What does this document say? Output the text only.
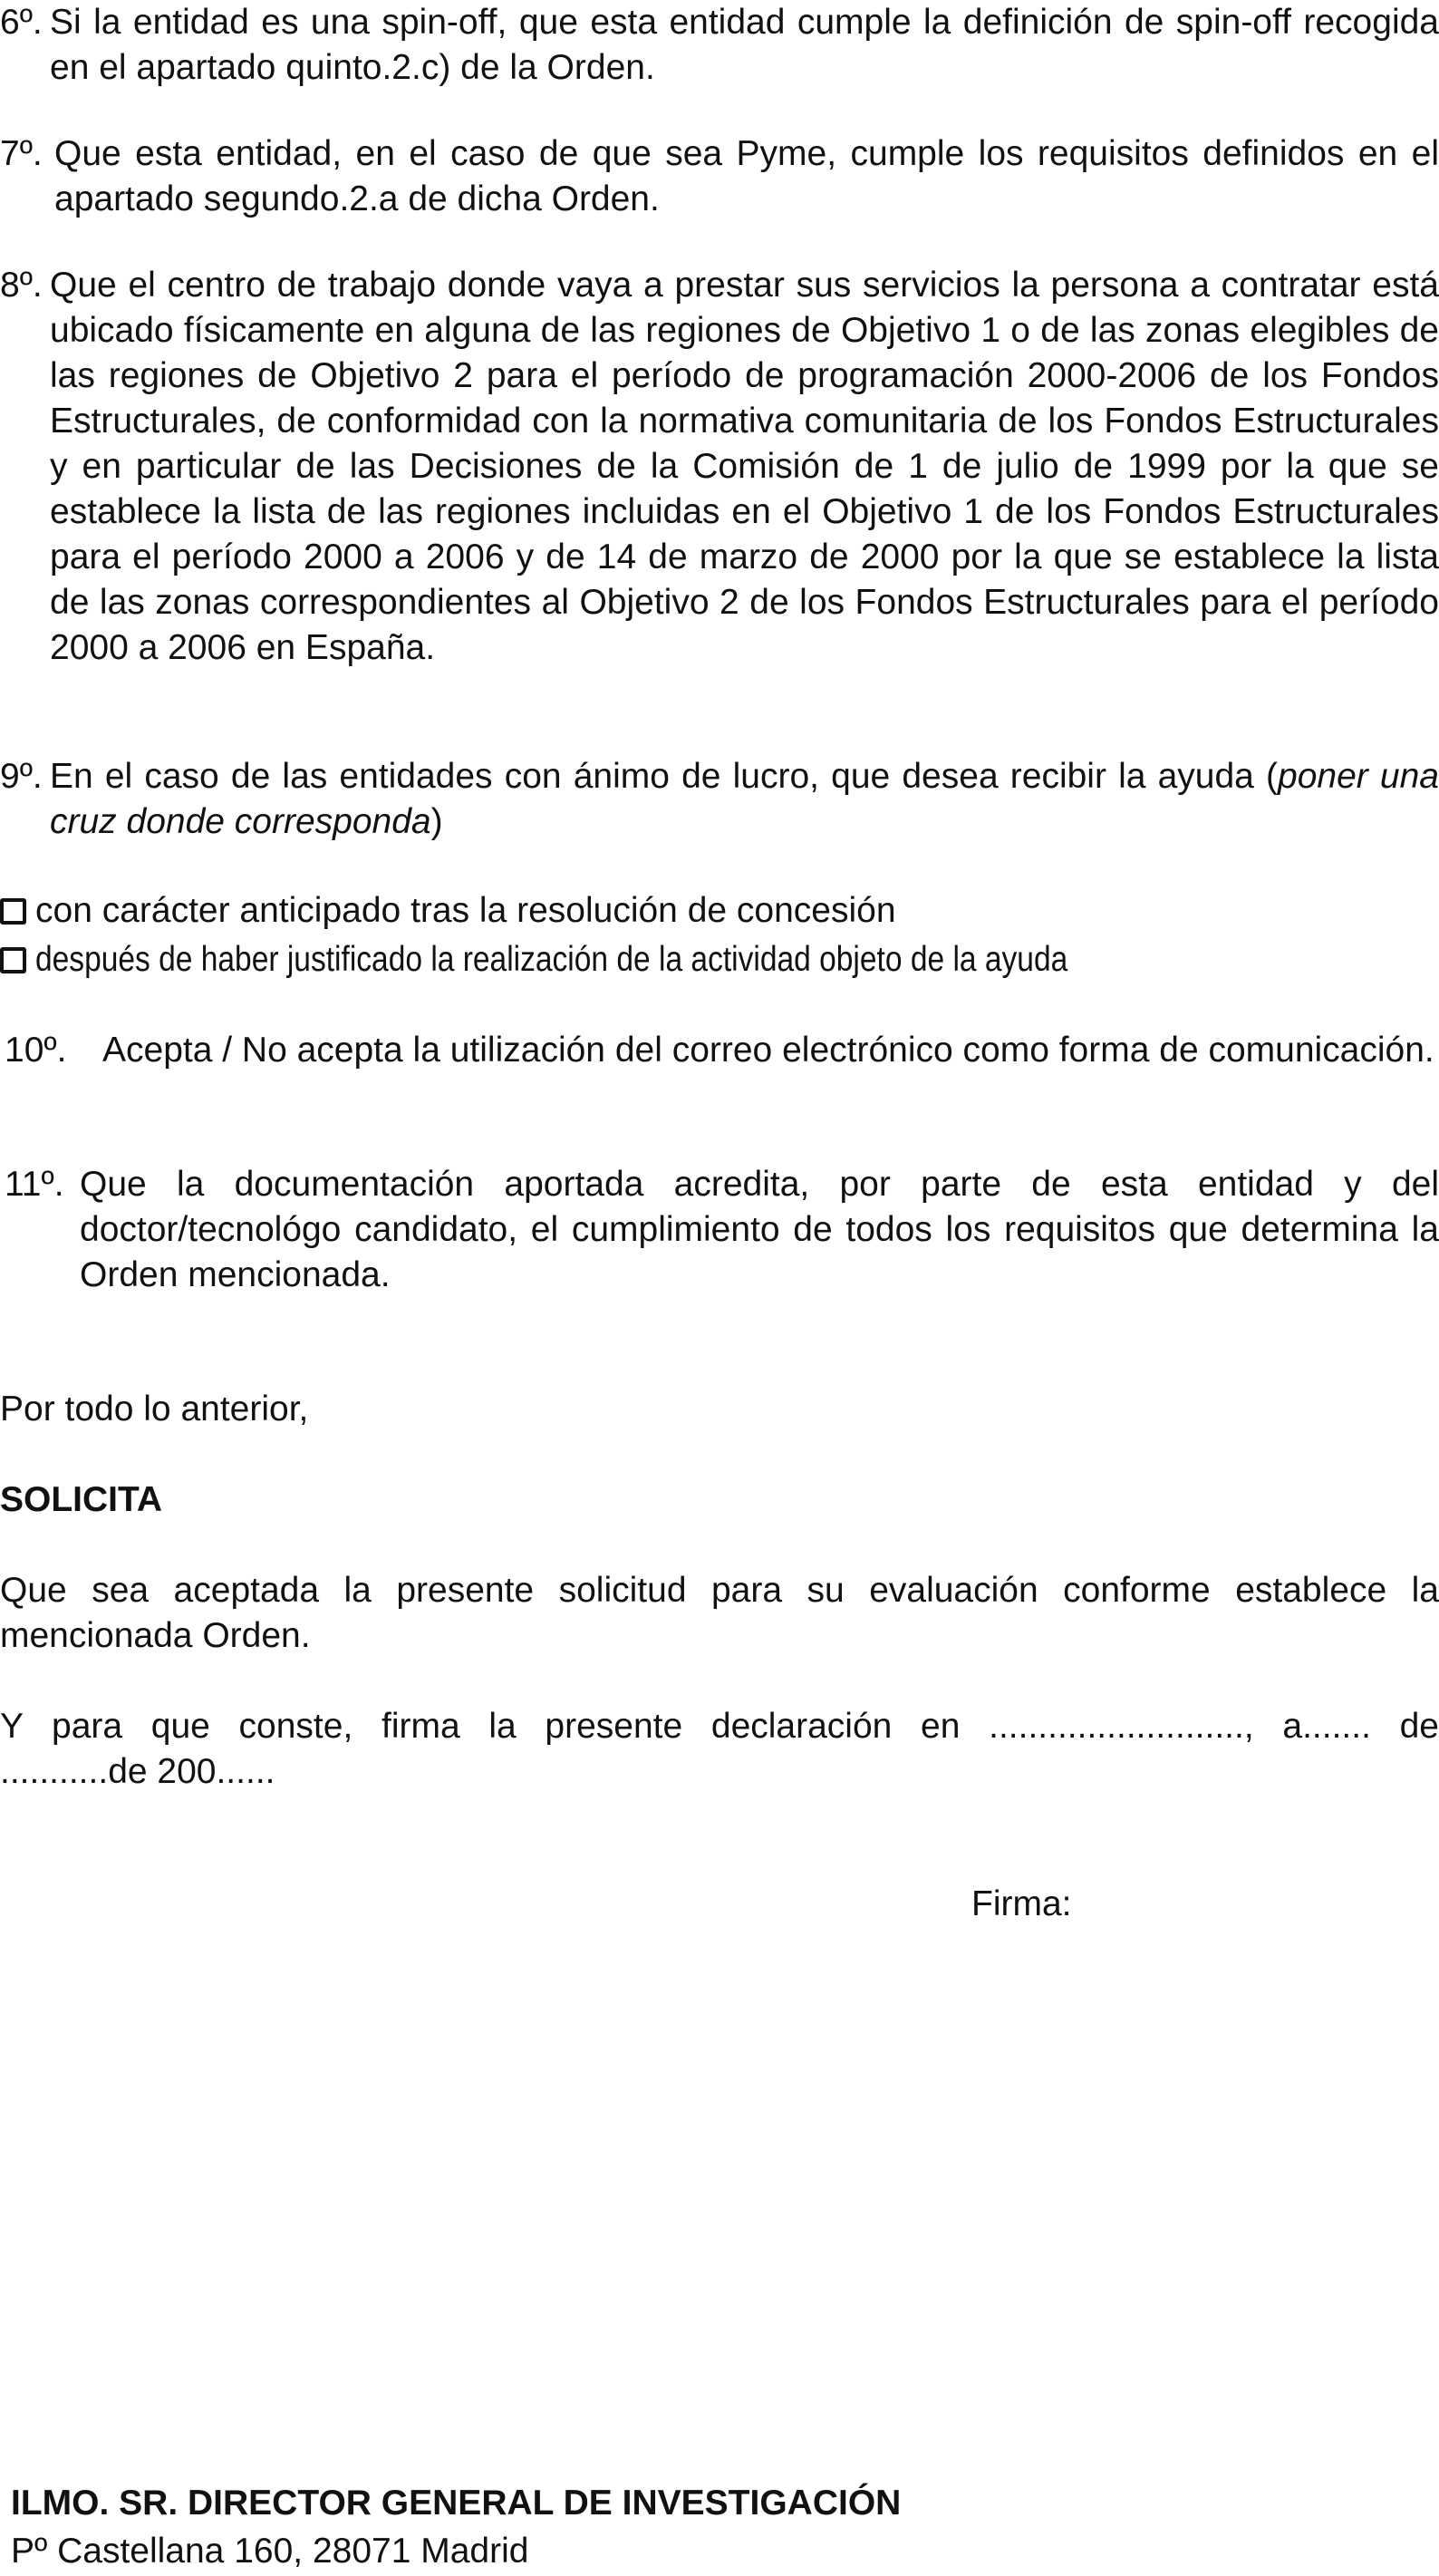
6º. Si la entidad es una spin-off, que esta entidad cumple la definición de spin-off recogida en el apartado quinto.2.c) de la Orden.
7º. Que esta entidad, en el caso de que sea Pyme, cumple los requisitos definidos en el apartado segundo.2.a de dicha Orden.
8º. Que el centro de trabajo donde vaya a prestar sus servicios la persona a contratar está ubicado físicamente en alguna de las regiones de Objetivo 1 o de las zonas elegibles de las regiones de Objetivo 2 para el período de programación 2000-2006 de los Fondos Estructurales, de conformidad con la normativa comunitaria de los Fondos Estructurales y en particular de las Decisiones de la Comisión de 1 de julio de 1999 por la que se establece la lista de las regiones incluidas en el Objetivo 1 de los Fondos Estructurales para el período 2000 a 2006 y de 14 de marzo de 2000 por la que se establece la lista de las zonas correspondientes al Objetivo 2 de los Fondos Estructurales para el período 2000 a 2006 en España.
9º. En el caso de las entidades con ánimo de lucro, que desea recibir la ayuda (poner una cruz donde corresponda)
con carácter anticipado tras la resolución de concesión
después de haber justificado la realización de la actividad objeto de la ayuda
10º. Acepta / No acepta la utilización del correo electrónico como forma de comunicación.
11º. Que la documentación aportada acredita, por parte de esta entidad y del doctor/tecnológo candidato, el cumplimiento de todos los requisitos que determina la Orden mencionada.
Por todo lo anterior,
SOLICITA
Que sea aceptada la presente solicitud para su evaluación conforme establece la mencionada Orden.
Y para que conste, firma la presente declaración en .........................., a....... de
...........de 200......
Firma:
ILMO. SR. DIRECTOR GENERAL DE INVESTIGACIÓN
Pº Castellana 160, 28071 Madrid
